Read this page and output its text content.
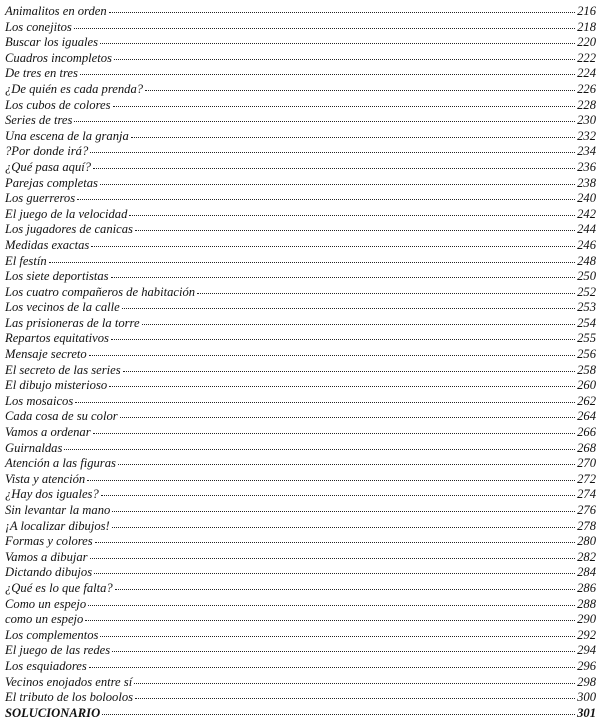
Animalitos en orden	216
Los conejitos	218
Buscar los iguales	220
Cuadros incompletos	222
De tres en tres	224
¿De quién es cada prenda?	226
Los cubos de colores	228
Series de tres	230
Una escena de la granja	232
?Por donde irá?	234
¿Qué pasa aquí?	236
Parejas completas	238
Los guerreros	240
El juego de la velocidad	242
Los jugadores de canicas	244
Medidas exactas	246
El festín	248
Los siete deportistas	250
Los cuatro compañeros de habitación	252
Los vecinos de la calle	253
Las prisioneras de la torre	254
Repartos equitativos	255
Mensaje secreto	256
El secreto de las series	258
El dibujo misterioso	260
Los mosaicos	262
Cada cosa de su color	264
Vamos a ordenar	266
Guirnaldas	268
Atención a las figuras	270
Vista y atención	272
¿Hay dos iguales?	274
Sin levantar la mano	276
¡A localizar dibujos!	278
Formas y colores	280
Vamos a dibujar	282
Dictando dibujos	284
¿Qué es lo que falta?	286
Como un espejo	288
como un espejo	290
Los complementos	292
El juego de las redes	294
Los esquiadores	296
Vecinos enojados entre sí	298
El tributo de los boloolos	300
SOLUCIONARIO	301
